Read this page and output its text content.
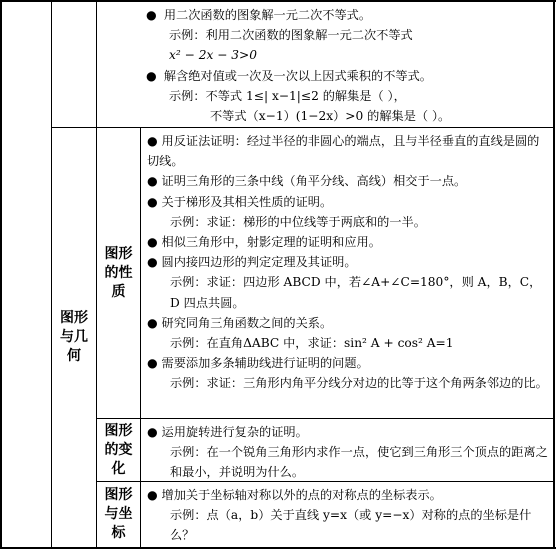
● 用二次函数的图象解一元二次不等式。
示例：利用二次函数的图象解一元二次不等式
x² − 2x − 3>0
● 解含绝对值或一次及一次以上因式乘积的不等式。
示例：不等式 1≤| x−1|≤2 的解集是（ ），
不等式（x−1）(1−2x）>0 的解集是（ ）。
图形与几何
图形的性质
● 用反证法证明：经过半径的非圆心的端点，且与半径垂直的直线是圆的切线。
● 证明三角形的三条中线（角平分线、高线）相交于一点。
● 关于梯形及其相关性质的证明。
示例：求证：梯形的中位线等于两底和的一半。
● 相似三角形中，射影定理的证明和应用。
● 圆内接四边形的判定定理及其证明。
示例：求证：四边形 ABCD 中，若∠A+∠C=180°，则 A，B，C，D 四点共圆。
● 研究同角三角函数之间的关系。
示例：在直角ΔABC 中，求证：sin² A + cos² A=1
● 需要添加多条辅助线进行证明的问题。
示例：求证：三角形内角平分线分对边的比等于这个角两条邻边的比。
图形的变化
● 运用旋转进行复杂的证明。
示例：在一个锐角三角形内求作一点，使它到三角形三个顶点的距离之和最小，并说明为什么。
图形与坐标
● 增加关于坐标轴对称以外的点的对称点的坐标表示。
示例：点（a，b）关于直线 y=x（或 y=−x）对称的点的坐标是什么？
